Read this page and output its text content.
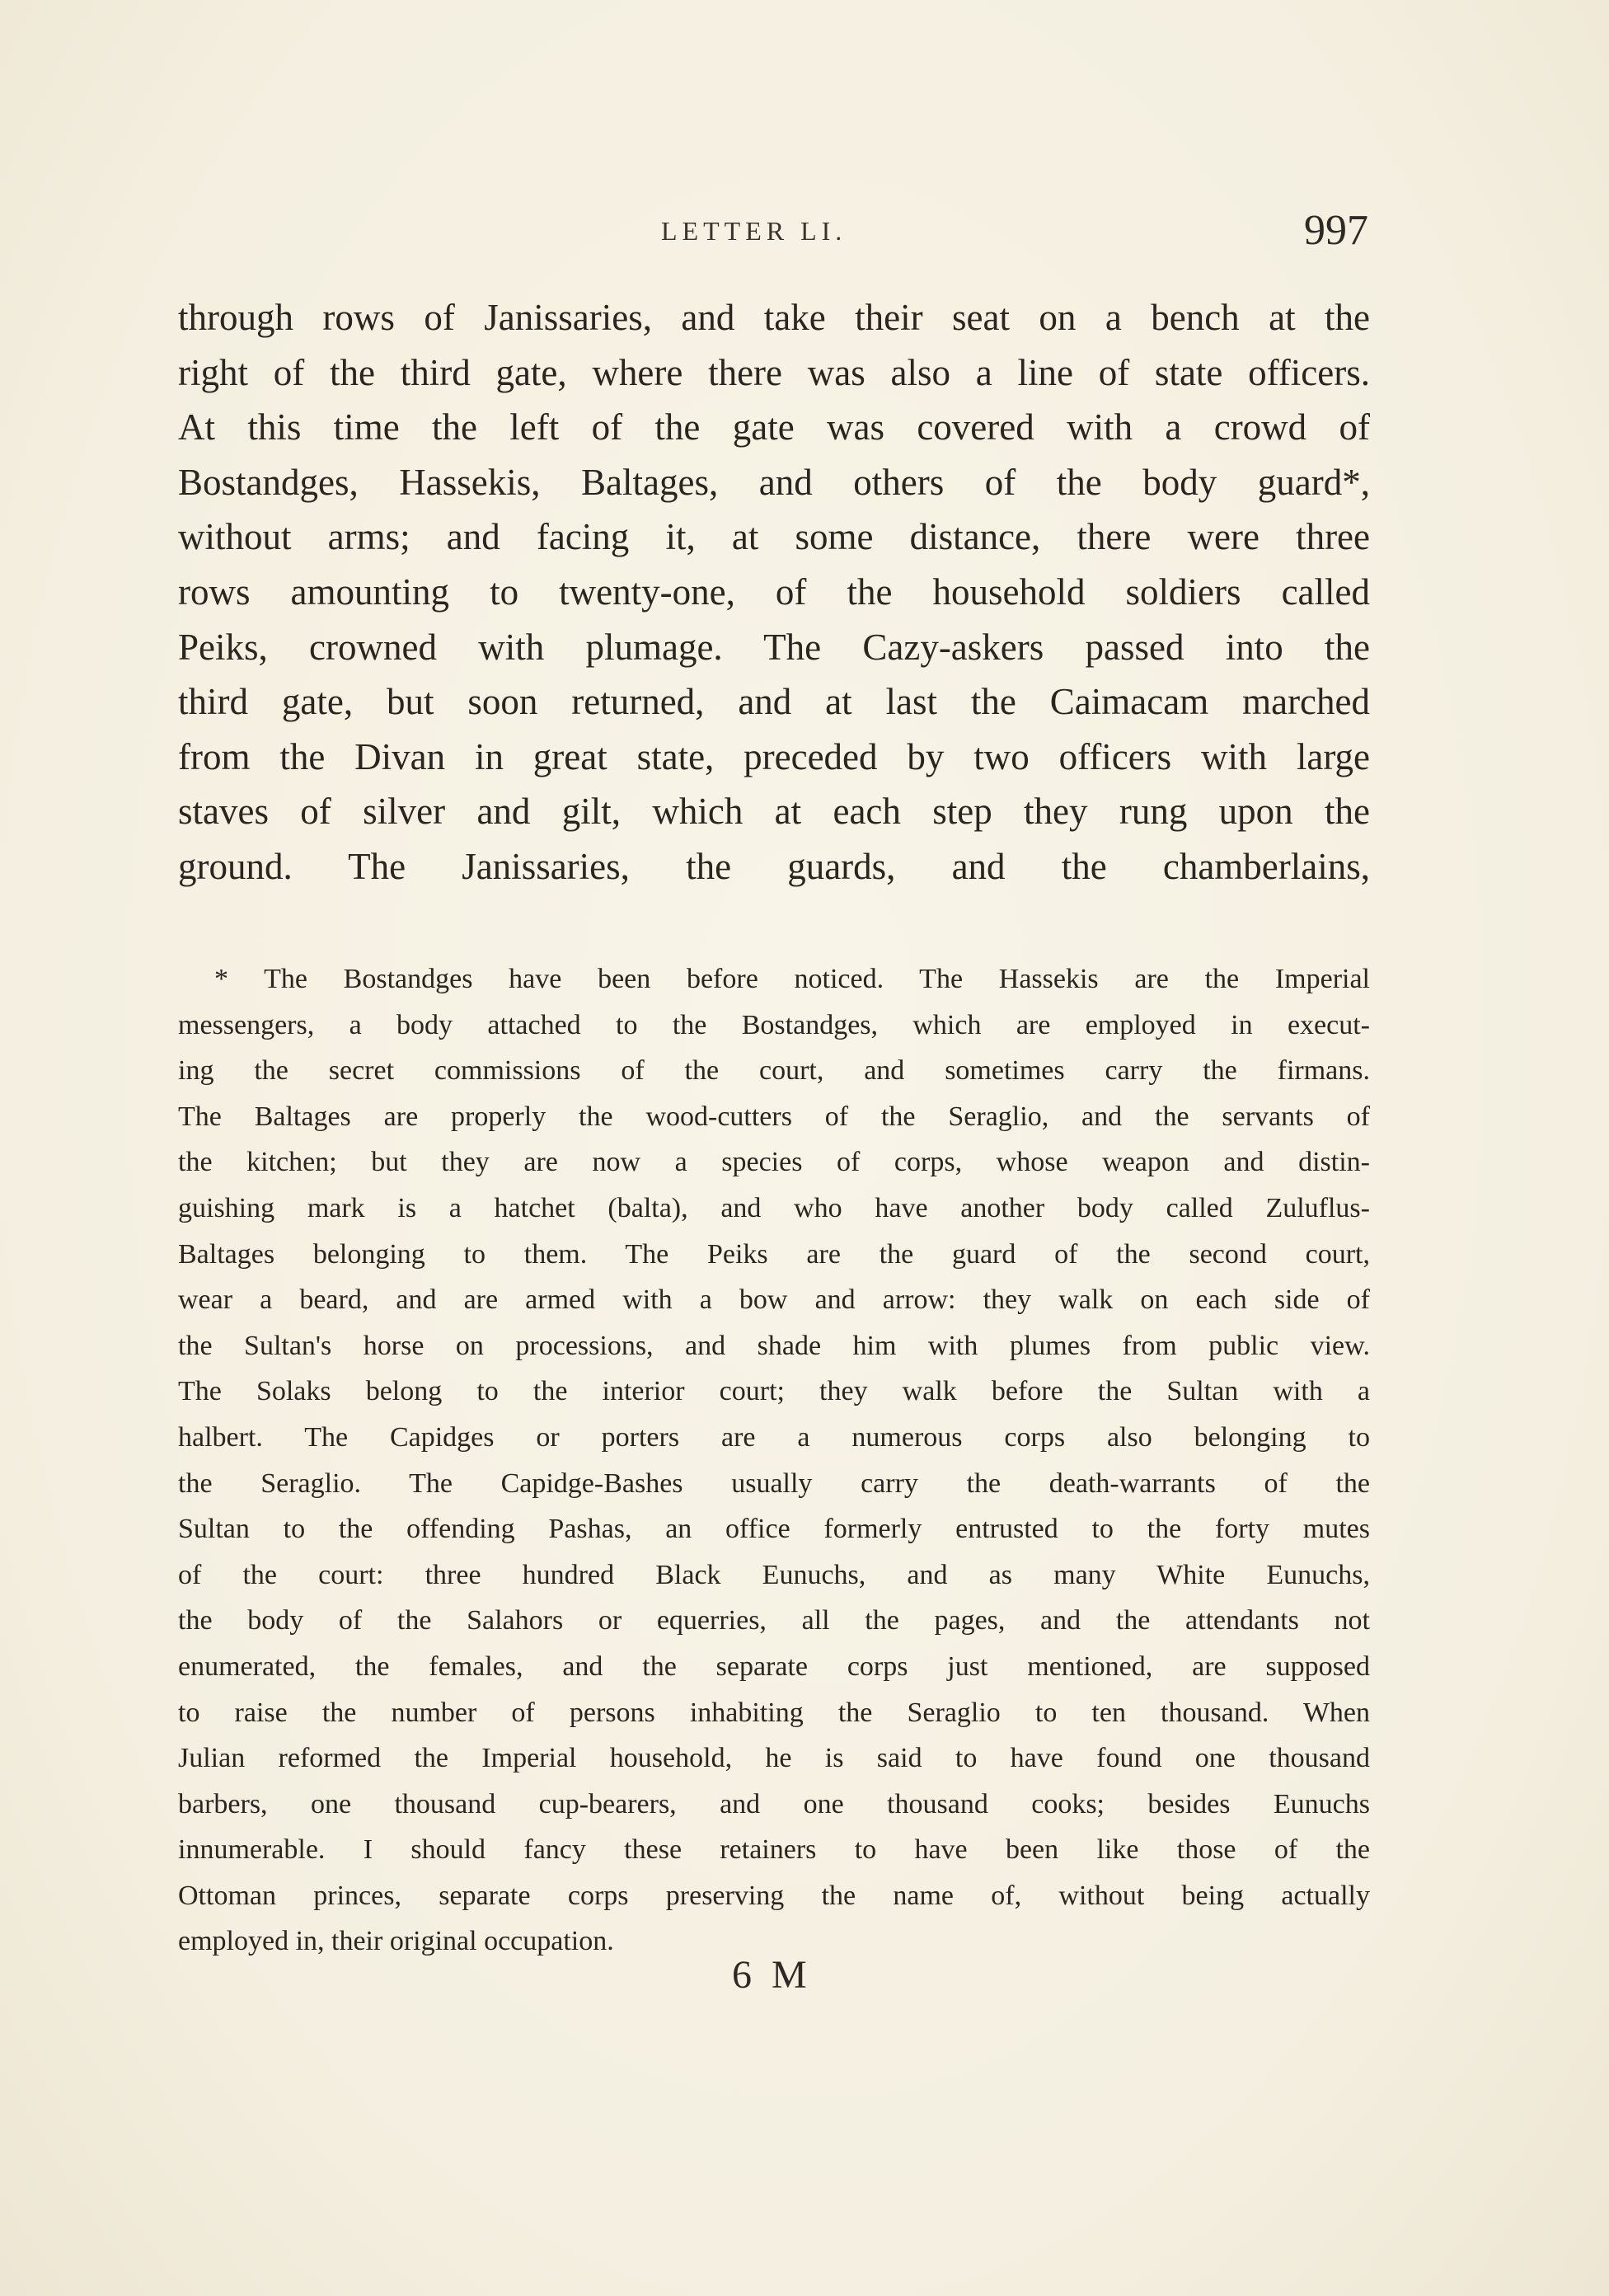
LETTER LI.	997
through rows of Janissaries, and take their seat on a bench at the
right of the third gate, where there was also a line of state officers.
At this time the left of the gate was covered with a crowd of
Bostandges, Hassekis, Baltages, and others of the body guard*,
without arms; and facing it, at some distance, there were three
rows amounting to twenty-one, of the household soldiers called
Peiks, crowned with plumage. The Cazy-askers passed into the
third gate, but soon returned, and at last the Caimacam marched
from the Divan in great state, preceded by two officers with large
staves of silver and gilt, which at each step they rung upon the
ground. The Janissaries, the guards, and the chamberlains,
* The Bostandges have been before noticed. The Hassekis are the Imperial
messengers, a body attached to the Bostandges, which are employed in execut-
ing the secret commissions of the court, and sometimes carry the firmans.
The Baltages are properly the wood-cutters of the Seraglio, and the servants of
the kitchen; but they are now a species of corps, whose weapon and distin-
guishing mark is a hatchet (balta), and who have another body called Zuluflus-
Baltages belonging to them. The Peiks are the guard of the second court,
wear a beard, and are armed with a bow and arrow: they walk on each side of
the Sultan's horse on processions, and shade him with plumes from public view.
The Solaks belong to the interior court; they walk before the Sultan with a
halbert. The Capidges or porters are a numerous corps also belonging to
the Seraglio. The Capidge-Bashes usually carry the death-warrants of the
Sultan to the offending Pashas, an office formerly entrusted to the forty mutes
of the court: three hundred Black Eunuchs, and as many White Eunuchs,
the body of the Salahors or equerries, all the pages, and the attendants not
enumerated, the females, and the separate corps just mentioned, are supposed
to raise the number of persons inhabiting the Seraglio to ten thousand. When
Julian reformed the Imperial household, he is said to have found one thousand
barbers, one thousand cup-bearers, and one thousand cooks; besides Eunuchs
innumerable. I should fancy these retainers to have been like those of the
Ottoman princes, separate corps preserving the name of, without being actually
employed in, their original occupation.
6 M
